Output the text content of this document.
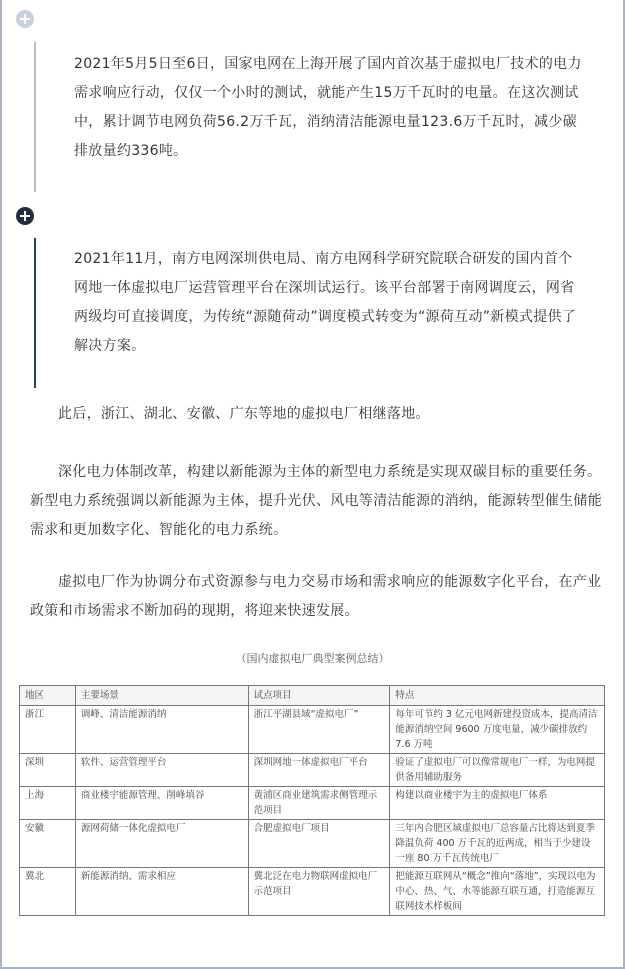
2021年5月5日至6日，国家电网在上海开展了国内首次基于虚拟电厂技术的电力需求响应行动，仅仅一个小时的测试，就能产生15万千瓦时的电量。在这次测试中，累计调节电网负荷56.2万千瓦，消纳清洁能源电量123.6万千瓦时，减少碳排放量约336吨。

2021年11月，南方电网深圳供电局、南方电网科学研究院联合研发的国内首个网地一体虚拟电厂运营管理平台在深圳试运行。该平台部署于南网调度云，网省两级均可直接调度，为传统“源随荷动”调度模式转变为“源荷互动”新模式提供了解决方案。

此后，浙江、湖北、安徽、广东等地的虚拟电厂相继落地。

深化电力体制改革，构建以新能源为主体的新型电力系统是实现双碳目标的重要任务。新型电力系统强调以新能源为主体，提升光伏、风电等清洁能源的消纳，能源转型催生储能需求和更加数字化、智能化的电力系统。

虚拟电厂作为协调分布式资源参与电力交易市场和需求响应的能源数字化平台，在产业政策和市场需求不断加码的现期，将迎来快速发展。

（国内虚拟电厂典型案例总结）
地区	主要场景	试点项目	特点
浙江	调峰、清洁能源消纳	浙江平湖县域“虚拟电厂”	每年可节约 3 亿元电网新建投资成本，提高清洁能源消纳空间 9600 万度电量，减少碳排放约 7.6 万吨
深圳	软件、运营管理平台	深圳网地一体虚拟电厂平台	验证了虚拟电厂可以像常规电厂一样，为电网提供备用辅助服务
上海	商业楼宇能源管理、削峰填谷	黄浦区商业建筑需求侧管理示范项目	构建以商业楼宇为主的虚拟电厂体系
安徽	源网荷储一体化虚拟电厂	合肥虚拟电厂项目	三年内合肥区域虚拟电厂总容量占比将达到夏季降温负荷 400 万千瓦的近两成，相当于少建设一座 80 万千瓦传统电厂
冀北	新能源消纳、需求相应	冀北泛在电力物联网虚拟电厂示范项目	把能源互联网从“概念”推向“落地”，实现以电为中心、热、气、水等能源互联互通，打造能源互联网技术样板间
